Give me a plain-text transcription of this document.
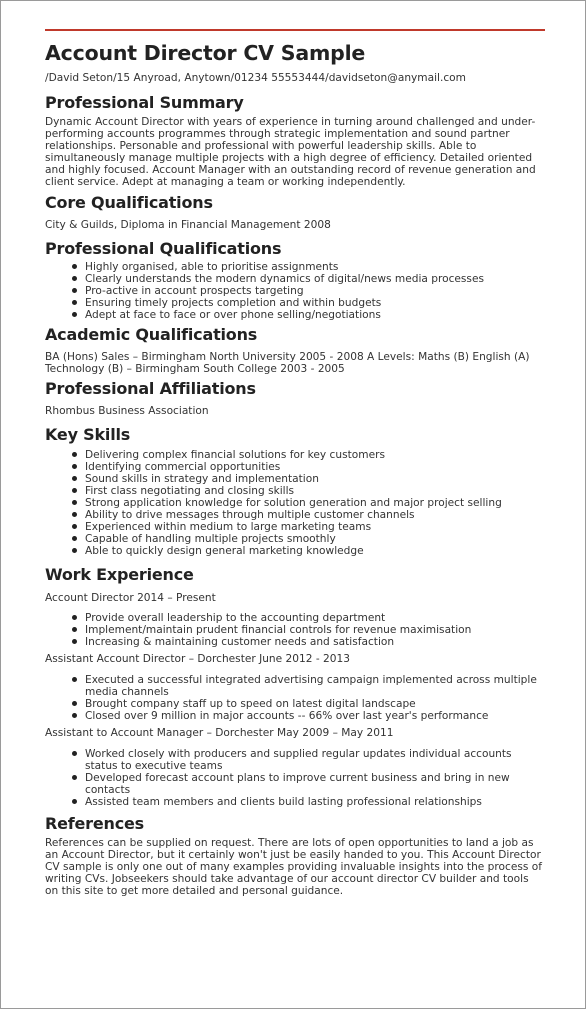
Account Director CV Sample
/David Seton/15 Anyroad, Anytown/01234 55553444/davidseton@anymail.com
Professional Summary

Dynamic Account Director with years of experience in turning around challenged and under-performing accounts programmes through strategic implementation and sound partner relationships. Personable and professional with powerful leadership skills. Able to simultaneously manage multiple projects with a high degree of efficiency. Detailed oriented and highly focused. Account Manager with an outstanding record of revenue generation and client service. Adept at managing a team or working independently.

Core Qualifications

City & Guilds, Diploma in Financial Management 2008

Professional Qualifications
Highly organised, able to prioritise assignments
Clearly understands the modern dynamics of digital/news media processes
Pro-active in account prospects targeting
Ensuring timely projects completion and within budgets
Adept at face to face or over phone selling/negotiations
Academic Qualifications

BA (Hons) Sales – Birmingham North University 2005 - 2008 A Levels: Maths (B) English (A) Technology (B) – Birmingham South College 2003 - 2005

Professional Affiliations

Rhombus Business Association

Key Skills
Delivering complex financial solutions for key customers
Identifying commercial opportunities
Sound skills in strategy and implementation
First class negotiating and closing skills
Strong application knowledge for solution generation and major project selling
Ability to drive messages through multiple customer channels
Experienced within medium to large marketing teams
Capable of handling multiple projects smoothly
Able to quickly design general marketing knowledge
Work Experience
Account Director 2014 – Present
Provide overall leadership to the accounting department
Implement/maintain prudent financial controls for revenue maximisation
Increasing & maintaining customer needs and satisfaction
Assistant Account Director – Dorchester June 2012 - 2013
Executed a successful integrated advertising campaign implemented across multiple media channels
Brought company staff up to speed on latest digital landscape
Closed over 9 million in major accounts -- 66% over last year's performance
Assistant to Account Manager – Dorchester May 2009 – May 2011
Worked closely with producers and supplied regular updates individual accounts status to executive teams
Developed forecast account plans to improve current business and bring in new contacts
Assisted team members and clients build lasting professional relationships
References

References can be supplied on request. There are lots of open opportunities to land a job as an Account Director, but it certainly won't just be easily handed to you. This Account Director CV sample is only one out of many examples providing invaluable insights into the process of writing CVs. Jobseekers should take advantage of our account director CV builder and tools on this site to get more detailed and personal guidance.
